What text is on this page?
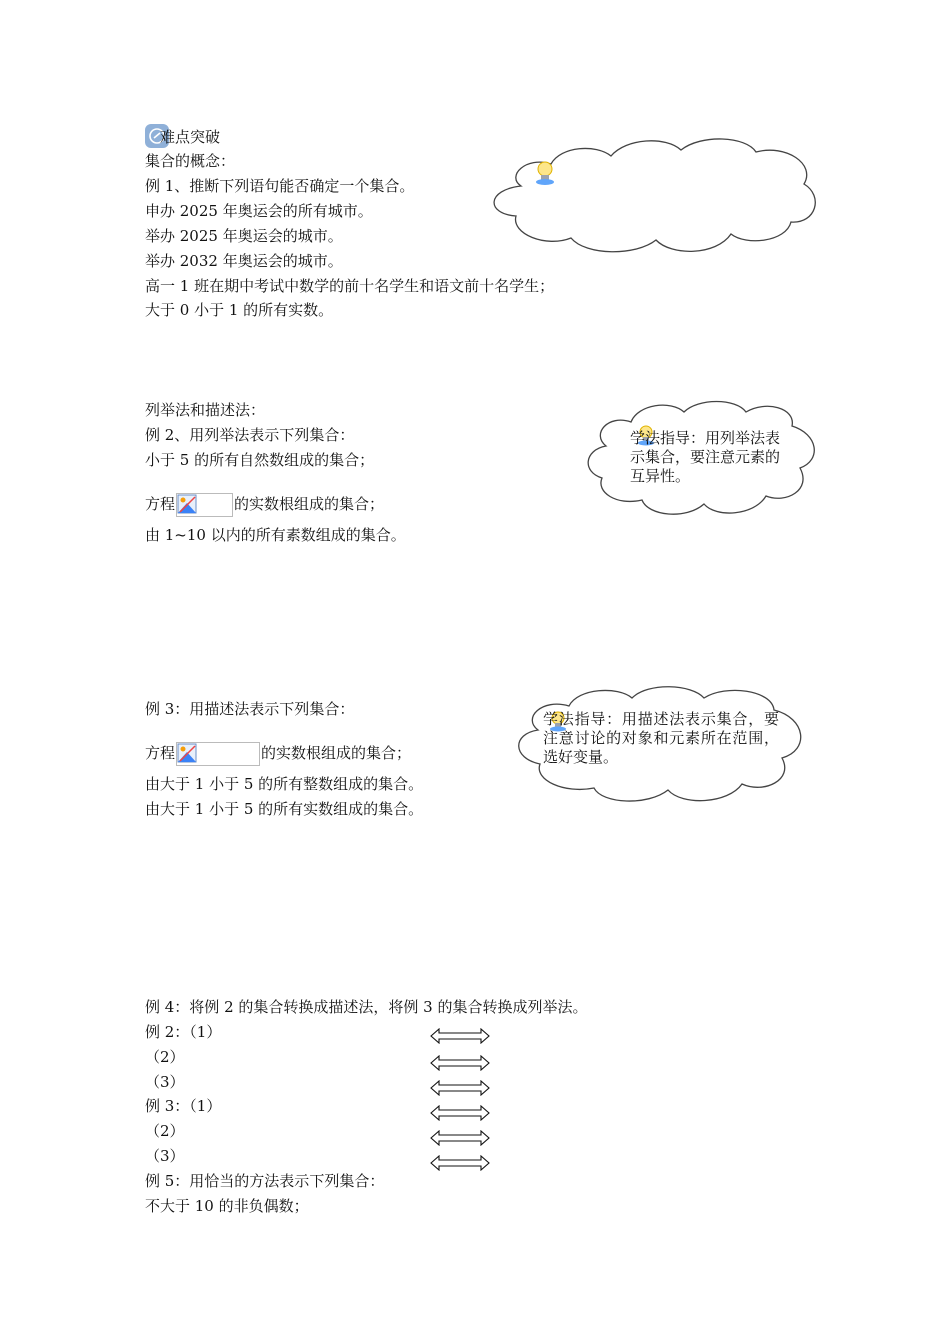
难点突破
集合的概念：
例 1、推断下列语句能否确定一个集合。
申办 2025 年奥运会的所有城市。
举办 2025 年奥运会的城市。
举办 2032 年奥运会的城市。
高一 1 班在期中考试中数学的前十名学生和语文前十名学生；
大于 0 小于 1 的所有实数。
列举法和描述法：
例 2、用列举法表示下列集合：
小于 5 的所有自然数组成的集合；
方程	的实数根组成的集合；
由 1~10 以内的所有素数组成的集合。
学法指导：用列举法表示集合，要注意元素的互异性。
例 3：用描述法表示下列集合：
方程	的实数根组成的集合；
由大于 1 小于 5 的所有整数组成的集合。
由大于 1 小于 5 的所有实数组成的集合。
学法指导：用描述法表示集合，要注意讨论的对象和元素所在范围，选好变量。
例 4：将例 2 的集合转换成描述法，将例 3 的集合转换成列举法。
例 2：（1）
（2）
（3）
例 3：（1）
（2）
（3）
例 5：用恰当的方法表示下列集合：
不大于 10 的非负偶数；
